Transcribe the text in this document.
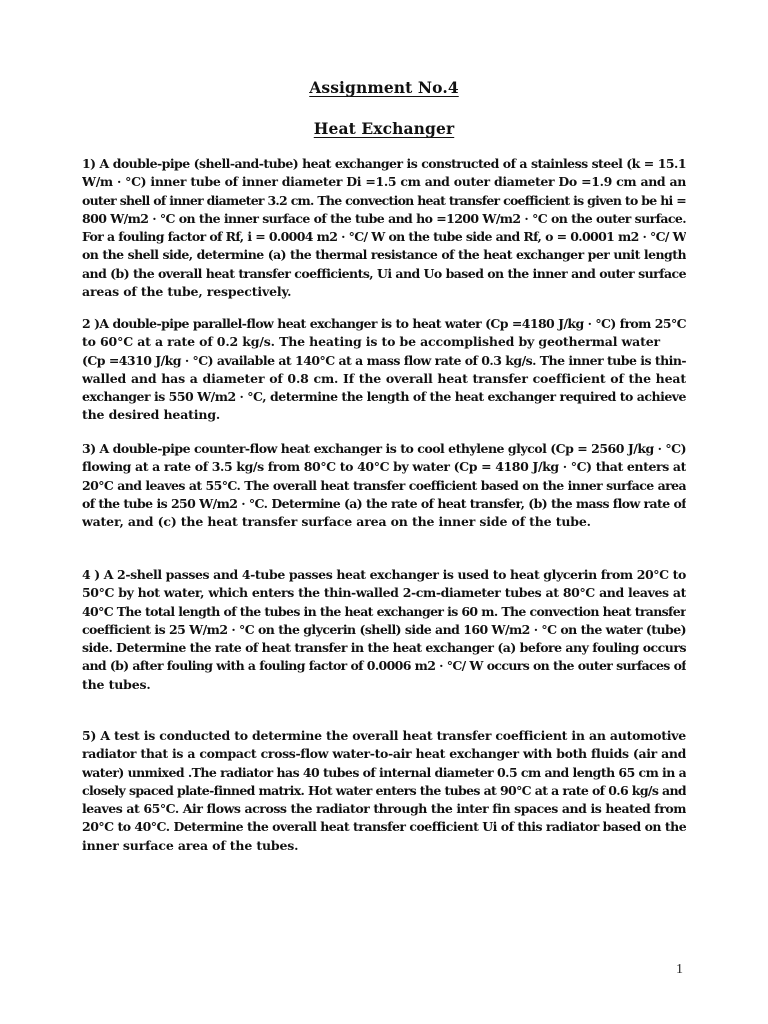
Assignment No.4
Heat Exchanger
1) A double-pipe (shell-and-tube) heat exchanger is constructed of a stainless steel (k = 15.1
W/m · °C) inner tube of inner diameter Di =1.5 cm and outer diameter Do =1.9 cm and an
outer shell of inner diameter 3.2 cm. The convection heat transfer coefficient is given to be hi =
800 W/m2 · °C on the inner surface of the tube and ho =1200 W/m2 · °C on the outer surface.
For a fouling factor of Rf, i = 0.0004 m2 · °C/ W on the tube side and Rf, o = 0.0001 m2 · °C/ W
on the shell side, determine (a) the thermal resistance of the heat exchanger per unit length
and (b) the overall heat transfer coefficients, Ui and Uo based on the inner and outer surface
areas of the tube, respectively.
2 )A double-pipe parallel-flow heat exchanger is to heat water (Cp =4180 J/kg · °C) from 25°C
to 60°C at a rate of 0.2 kg/s. The heating is to be accomplished by geothermal water
(Cp =4310 J/kg · °C) available at 140°C at a mass flow rate of 0.3 kg/s. The inner tube is thin-
walled and has a diameter of 0.8 cm. If the overall heat transfer coefficient of the heat
exchanger is 550 W/m2 · °C, determine the length of the heat exchanger required to achieve
the desired heating.
3) A double-pipe counter-flow heat exchanger is to cool ethylene glycol (Cp = 2560 J/kg · °C)
flowing at a rate of 3.5 kg/s from 80°C to 40°C by water (Cp = 4180 J/kg · °C) that enters at
20°C and leaves at 55°C. The overall heat transfer coefficient based on the inner surface area
of the tube is 250 W/m2 · °C. Determine (a) the rate of heat transfer, (b) the mass flow rate of
water, and (c) the heat transfer surface area on the inner side of the tube.
4 ) A 2-shell passes and 4-tube passes heat exchanger is used to heat glycerin from 20°C to
50°C by hot water, which enters the thin-walled 2-cm-diameter tubes at 80°C and leaves at
40°C The total length of the tubes in the heat exchanger is 60 m. The convection heat transfer
coefficient is 25 W/m2 · °C on the glycerin (shell) side and 160 W/m2 · °C on the water (tube)
side. Determine the rate of heat transfer in the heat exchanger (a) before any fouling occurs
and (b) after fouling with a fouling factor of 0.0006 m2 · °C/ W occurs on the outer surfaces of
the tubes.
5) A test is conducted to determine the overall heat transfer coefficient in an automotive
radiator that is a compact cross-flow water-to-air heat exchanger with both fluids (air and
water) unmixed .The radiator has 40 tubes of internal diameter 0.5 cm and length 65 cm in a
closely spaced plate-finned matrix. Hot water enters the tubes at 90°C at a rate of 0.6 kg/s and
leaves at 65°C. Air flows across the radiator through the inter fin spaces and is heated from
20°C to 40°C. Determine the overall heat transfer coefficient Ui of this radiator based on the
inner surface area of the tubes.
1
